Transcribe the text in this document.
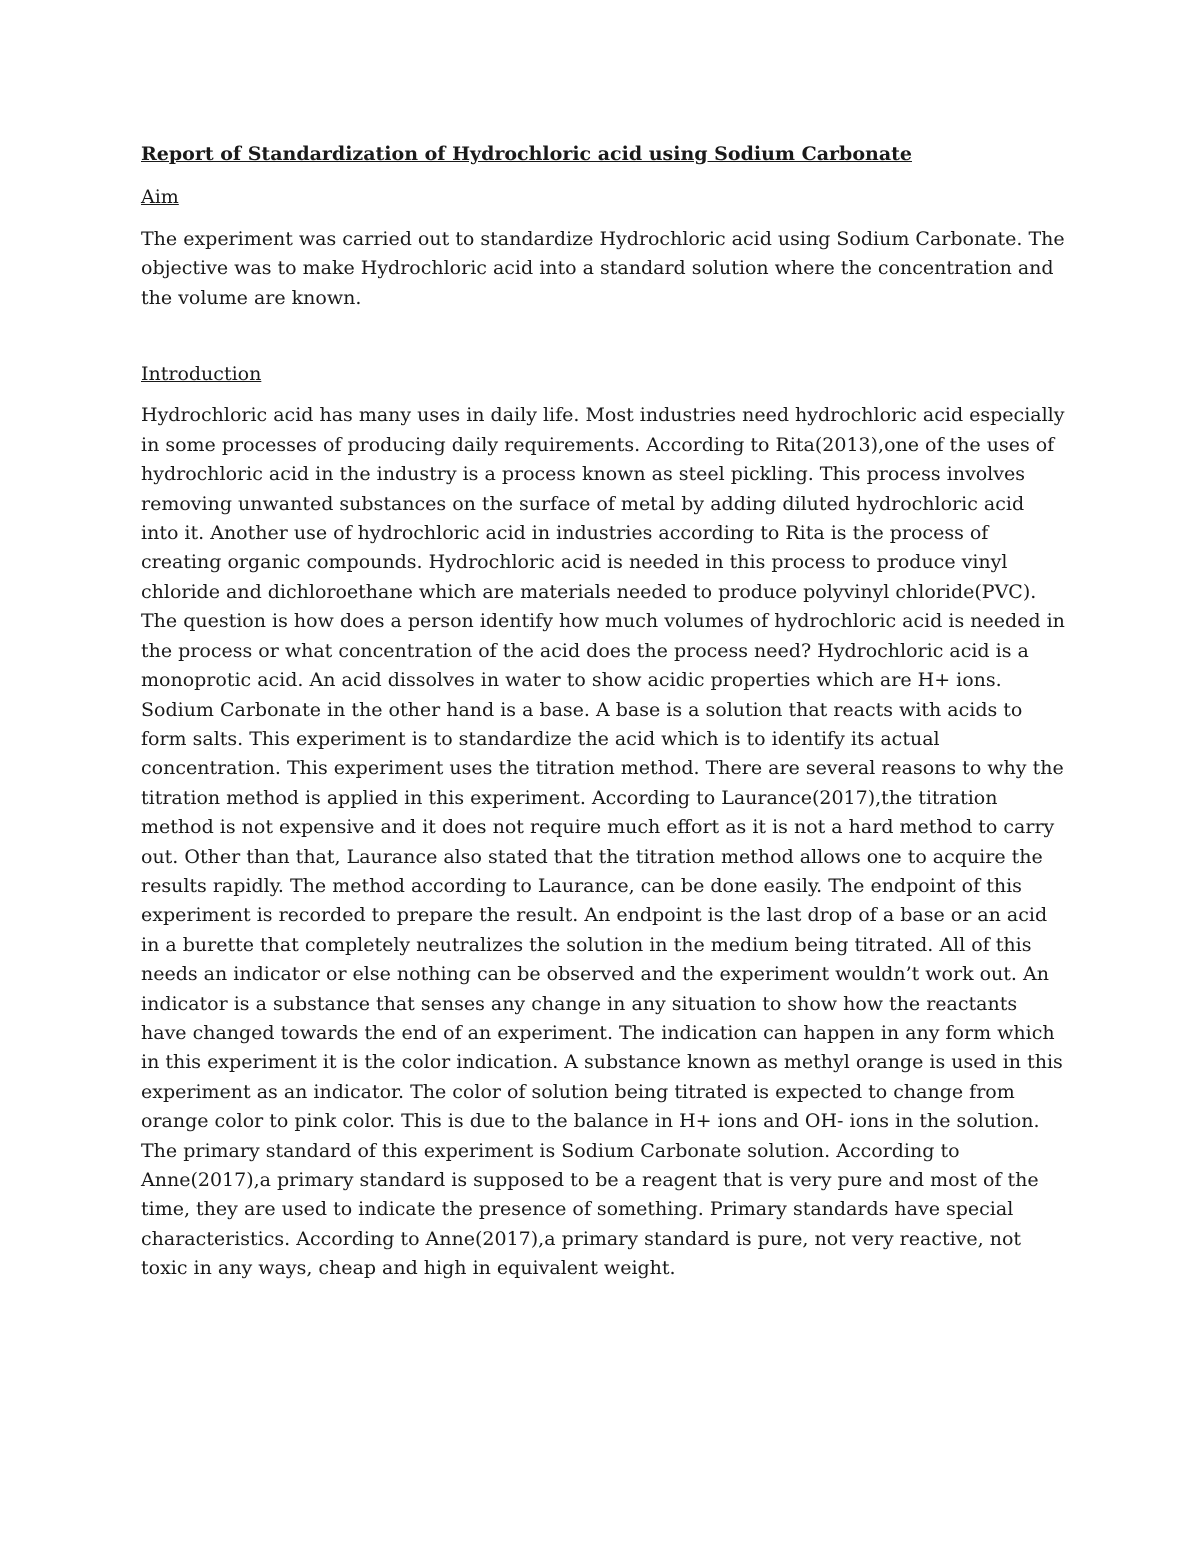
Report of Standardization of Hydrochloric acid using Sodium Carbonate

Aim

The experiment was carried out to standardize Hydrochloric acid using Sodium Carbonate. The objective was to make Hydrochloric acid into a standard solution where the concentration and the volume are known.

Introduction

Hydrochloric acid has many uses in daily life. Most industries need hydrochloric acid especially in some processes of producing daily requirements. According to Rita(2013),one of the uses of hydrochloric acid in the industry is a process known as steel pickling. This process involves removing unwanted substances on the surface of metal by adding diluted hydrochloric acid into it. Another use of hydrochloric acid in industries according to Rita is the process of creating organic compounds. Hydrochloric acid is needed in this process to produce vinyl chloride and dichloroethane which are materials needed to produce polyvinyl chloride(PVC). The question is how does a person identify how much volumes of hydrochloric acid is needed in the process or what concentration of the acid does the process need? Hydrochloric acid is a monoprotic acid. An acid dissolves in water to show acidic properties which are H+ ions. Sodium Carbonate in the other hand is a base. A base is a solution that reacts with acids to form salts. This experiment is to standardize the acid which is to identify its actual concentration. This experiment uses the titration method. There are several reasons to why the titration method is applied in this experiment. According to Laurance(2017),the titration method is not expensive and it does not require much effort as it is not a hard method to carry out. Other than that, Laurance also stated that the titration method allows one to acquire the results rapidly. The method according to Laurance, can be done easily. The endpoint of this experiment is recorded to prepare the result. An endpoint is the last drop of a base or an acid in a burette that completely neutralizes the solution in the medium being titrated. All of this needs an indicator or else nothing can be observed and the experiment wouldn’t work out. An indicator is a substance that senses any change in any situation to show how the reactants have changed towards the end of an experiment. The indication can happen in any form which in this experiment it is the color indication. A substance known as methyl orange is used in this experiment as an indicator. The color of solution being titrated is expected to change from orange color to pink color. This is due to the balance in H+ ions and OH- ions in the solution. The primary standard of this experiment is Sodium Carbonate solution. According to Anne(2017),a primary standard is supposed to be a reagent that is very pure and most of the time, they are used to indicate the presence of something. Primary standards have special characteristics. According to Anne(2017),a primary standard is pure, not very reactive, not toxic in any ways, cheap and high in equivalent weight.
